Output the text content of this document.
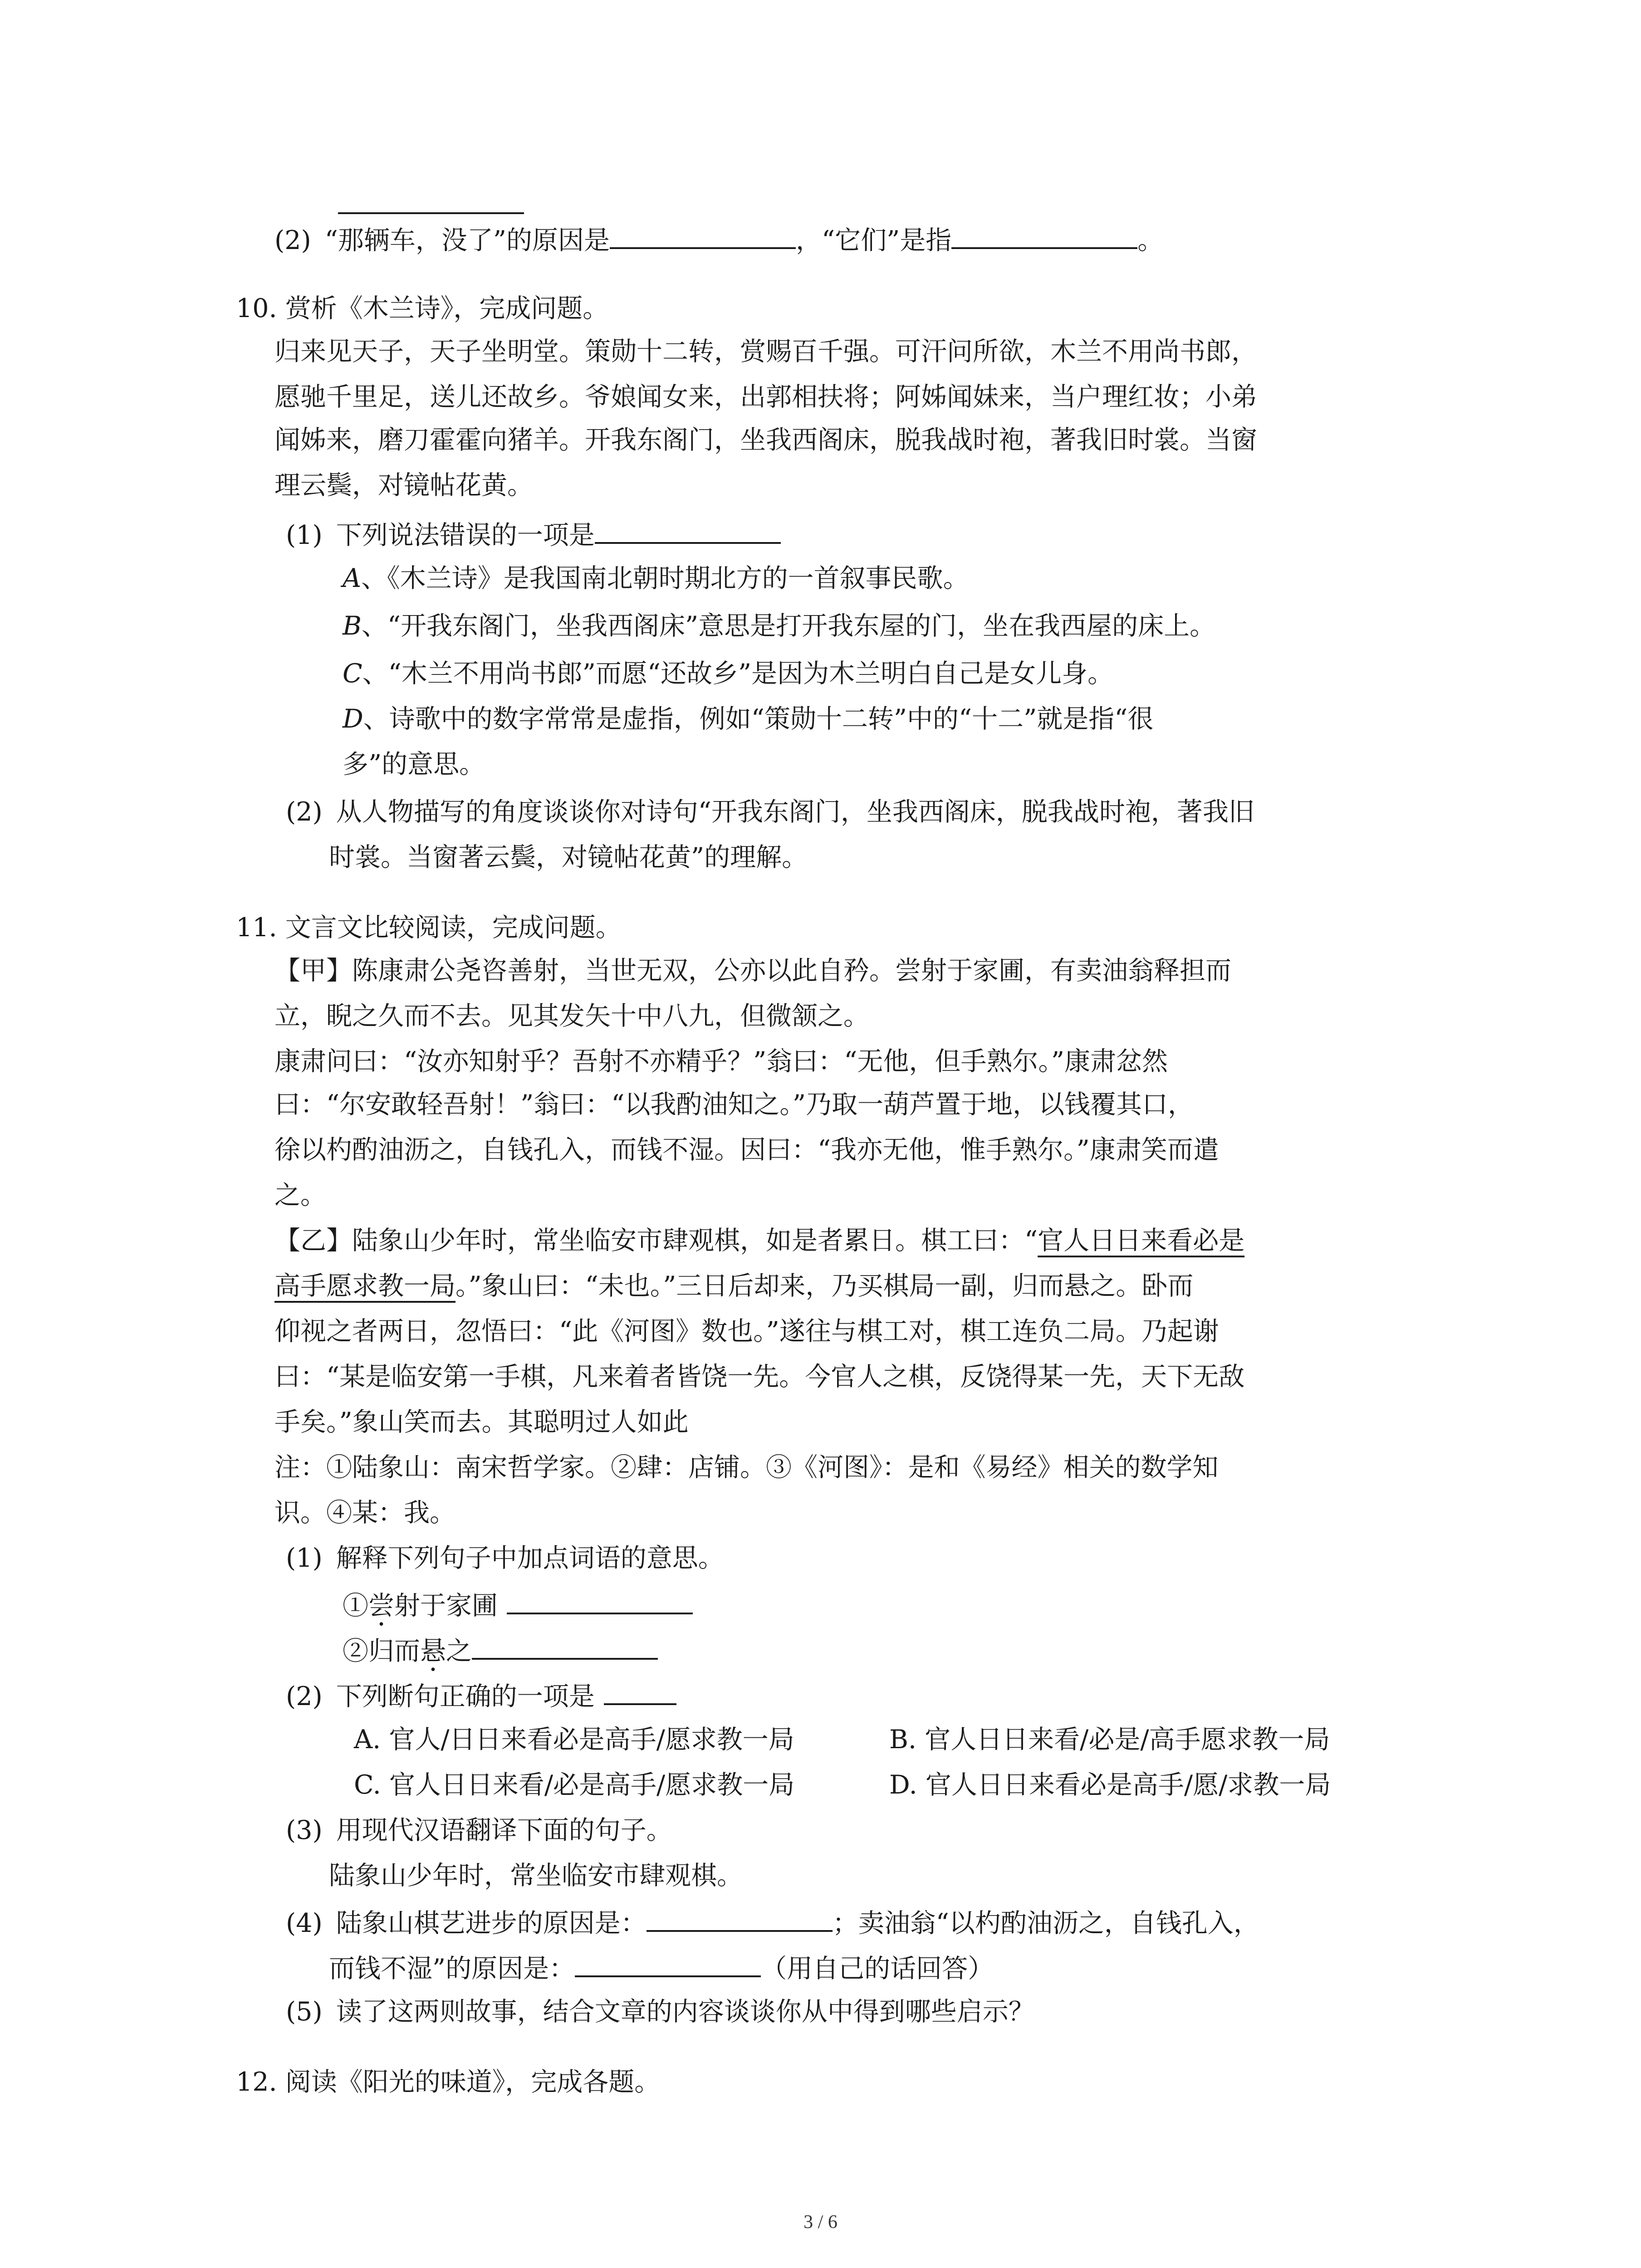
(2) “那辆车，没了”的原因是	，“它们”是指	。
10. 赏析《木兰诗》，完成问题。
归来见天子，天子坐明堂。策勋十二转，赏赐百千强。可汗问所欲，木兰不用尚书郎，
愿驰千里足，送儿还故乡。爷娘闻女来，出郭相扶将；阿姊闻妹来，当户理红妆；小弟
闻姊来，磨刀霍霍向猪羊。开我东阁门，坐我西阁床，脱我战时袍，著我旧时裳。当窗
理云鬓，对镜帖花黄。
(1) 下列说法错误的一项是
A、《木兰诗》是我国南北朝时期北方的一首叙事民歌。
B、“开我东阁门，坐我西阁床”意思是打开我东屋的门，坐在我西屋的床上。
C、“木兰不用尚书郎”而愿“还故乡”是因为木兰明白自己是女儿身。
D、诗歌中的数字常常是虚指，例如“策勋十二转”中的“十二”就是指“很
多”的意思。
(2) 从人物描写的角度谈谈你对诗句“开我东阁门，坐我西阁床，脱我战时袍，著我旧
时裳。当窗著云鬓，对镜帖花黄”的理解。
11. 文言文比较阅读，完成问题。
【甲】陈康肃公尧咨善射，当世无双，公亦以此自矜。尝射于家圃，有卖油翁释担而
立，睨之久而不去。见其发矢十中八九，但微颔之。
康肃问曰：“汝亦知射乎？吾射不亦精乎？”翁曰：“无他，但手熟尔。”康肃忿然
曰：“尔安敢轻吾射！”翁曰：“以我酌油知之。”乃取一葫芦置于地，以钱覆其口，
徐以杓酌油沥之，自钱孔入，而钱不湿。因曰：“我亦无他，惟手熟尔。”康肃笑而遣
之。
【乙】陆象山少年时，常坐临安市肆观棋，如是者累日。棋工曰：“官人日日来看必是
高手愿求教一局。”象山曰：“未也。”三日后却来，乃买棋局一副，归而悬之。卧而
仰视之者两日，忽悟曰：“此《河图》数也。”遂往与棋工对，棋工连负二局。乃起谢
曰：“某是临安第一手棋，凡来着者皆饶一先。今官人之棋，反饶得某一先，天下无敌
手矣。”象山笑而去。其聪明过人如此
注：①陆象山：南宋哲学家。②肆：店铺。③《河图》：是和《易经》相关的数学知
识。④某：我。
(1) 解释下列句子中加点词语的意思。
①尝射于家圃
②归而悬之
(2) 下列断句正确的一项是
A. 官人/日日来看必是高手/愿求教一局	B. 官人日日来看/必是/高手愿求教一局
C. 官人日日来看/必是高手/愿求教一局	D. 官人日日来看必是高手/愿/求教一局
(3) 用现代汉语翻译下面的句子。
陆象山少年时，常坐临安市肆观棋。
(4) 陆象山棋艺进步的原因是：	；卖油翁“以杓酌油沥之，自钱孔入，
而钱不湿”的原因是：	（用自己的话回答）
(5) 读了这两则故事，结合文章的内容谈谈你从中得到哪些启示？
12. 阅读《阳光的味道》，完成各题。
3 / 6
